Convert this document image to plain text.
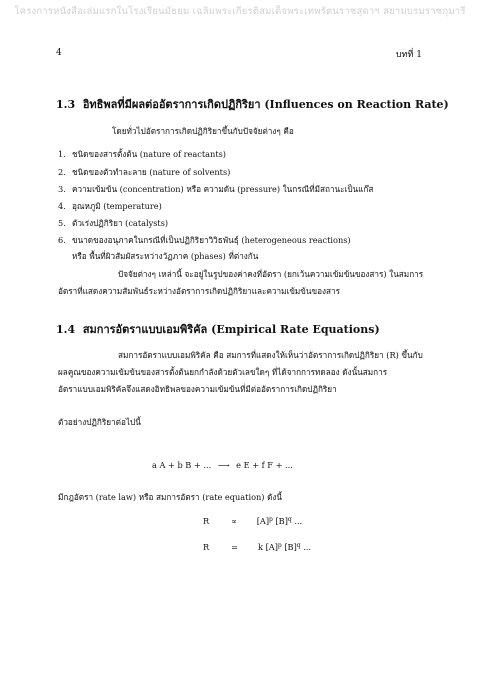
โครงการหนังสือเล่มแรกในโรงเรียนมัธยม เฉลิมพระเกียรติสมเด็จพระเทพรัตนราชสุดาฯ สยามบรมราชกุมารี
4	บทที่ 1
1.3 อิทธิพลที่มีผลต่ออัตราการเกิดปฏิกิริยา (Influences on Reaction Rate)
โดยทั่วไปอัตราการเกิดปฏิกิริยาขึ้นกับปัจจัยต่างๆ คือ
1. ชนิดของสารตั้งต้น (nature of reactants)
2. ชนิดของตัวทำละลาย (nature of solvents)
3. ความเข้มข้น (concentration) หรือ ความดัน (pressure) ในกรณีที่มีสถานะเป็นแก๊ส
4. อุณหภูมิ (temperature)
5. ตัวเร่งปฏิกิริยา (catalysts)
6. ขนาดของอนุภาคในกรณีที่เป็นปฏิกิริยาวิวิธพันธุ์ (heterogeneous reactions)
หรือ พื้นที่ผิวสัมผัสระหว่างวัฏภาค (phases) ที่ต่างกัน
ปัจจัยต่างๆ เหล่านี้ จะอยู่ในรูปของค่าคงที่อัตรา (ยกเว้นความเข้มข้นของสาร) ในสมการ
อัตราที่แสดงความสัมพันธ์ระหว่างอัตราการเกิดปฏิกิริยาและความเข้มข้นของสาร
1.4 สมการอัตราแบบเอมพิริคัล (Empirical Rate Equations)
สมการอัตราแบบเอมพิริคัล คือ สมการที่แสดงให้เห็นว่าอัตราการเกิดปฏิกิริยา (R) ขึ้นกับ
ผลคูณของความเข้มข้นของสารตั้งต้นยกกำลังด้วยตัวเลขใดๆ ที่ได้จากการทดลอง ดังนั้นสมการ
อัตราแบบเอมพิริคัลจึงแสดงอิทธิพลของความเข้มข้นที่มีต่ออัตราการเกิดปฏิกิริยา
ตัวอย่างปฏิกิริยาต่อไปนี้
a A + b B + ... ⟶ e E + f F + ...
มีกฎอัตรา (rate law) หรือ สมการอัตรา (rate equation) ดังนี้
R	∝ $[A]^p$ $[B]^q$ ...
R	= k $[A]^p$ $[B]^q$ ...
